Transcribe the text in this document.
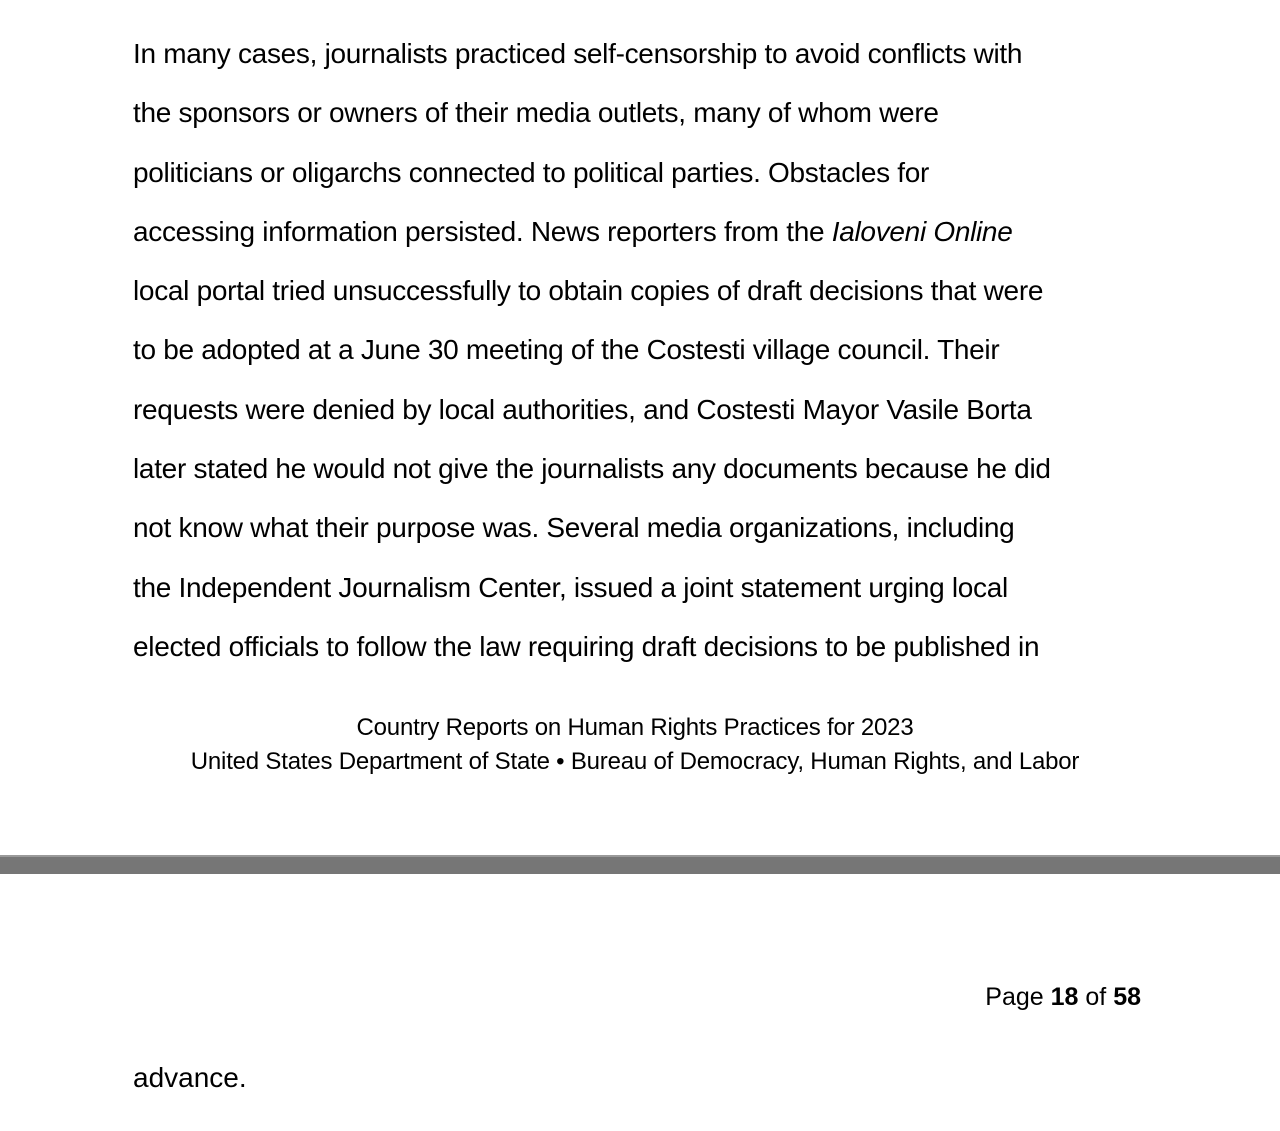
In many cases, journalists practiced self-censorship to avoid conflicts with
the sponsors or owners of their media outlets, many of whom were
politicians or oligarchs connected to political parties. Obstacles for
accessing information persisted. News reporters from the Ialoveni Online
local portal tried unsuccessfully to obtain copies of draft decisions that were
to be adopted at a June 30 meeting of the Costesti village council. Their
requests were denied by local authorities, and Costesti Mayor Vasile Borta
later stated he would not give the journalists any documents because he did
not know what their purpose was. Several media organizations, including
the Independent Journalism Center, issued a joint statement urging local
elected officials to follow the law requiring draft decisions to be published in

Country Reports on Human Rights Practices for 2023
United States Department of State • Bureau of Democracy, Human Rights, and Labor
Page 18 of 58
advance.
